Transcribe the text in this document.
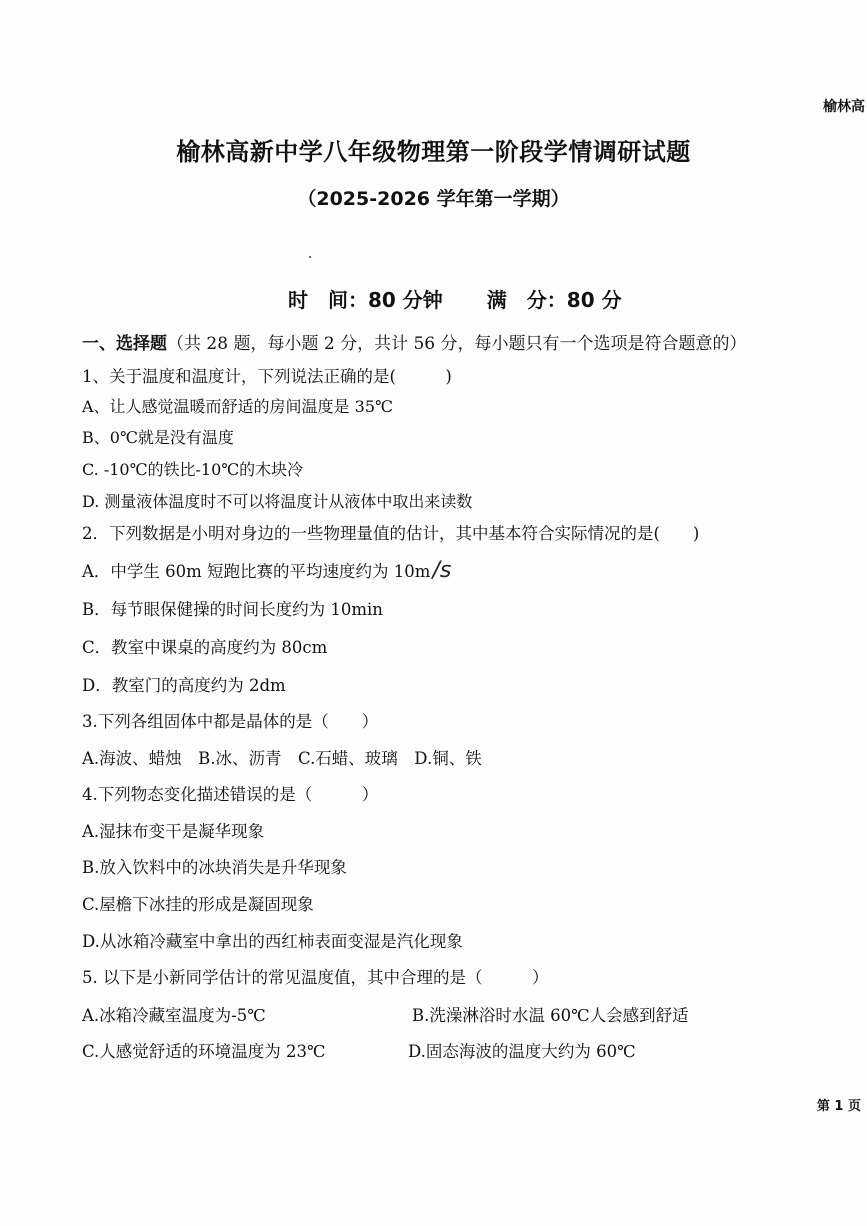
榆林高
榆林高新中学八年级物理第一阶段学情调研试题
（2025-2026 学年第一学期）
时　间：80 分钟 满　分：80 分
一、选择题（共 28 题，每小题 2 分，共计 56 分，每小题只有一个选项是符合题意的）
1、关于温度和温度计，下列说法正确的是(　　　)
A、让人感觉温暖而舒适的房间温度是 35℃
B、0℃就是没有温度
C. -10℃的铁比-10℃的木块冷
D. 测量液体温度时不可以将温度计从液体中取出来读数
2．下列数据是小明对身边的一些物理量值的估计，其中基本符合实际情况的是(　　)
A．中学生 60m 短跑比赛的平均速度约为 10m/s
B．每节眼保健操的时间长度约为 10min
C．教室中课桌的高度约为 80cm
D．教室门的高度约为 2dm
3.下列各组固体中都是晶体的是（　　）
A.海波、蜡烛　B.冰、沥青　C.石蜡、玻璃　D.铜、铁
4.下列物态变化描述错误的是（　　　）
A.湿抹布变干是凝华现象
B.放入饮料中的冰块消失是升华现象
C.屋檐下冰挂的形成是凝固现象
D.从冰箱冷藏室中拿出的西红柿表面变湿是汽化现象
5. 以下是小新同学估计的常见温度值，其中合理的是（　　　）
A.冰箱冷藏室温度为-5℃	B.洗澡淋浴时水温 60℃人会感到舒适
C.人感觉舒适的环境温度为 23℃	D.固态海波的温度大约为 60℃
第 1 页
